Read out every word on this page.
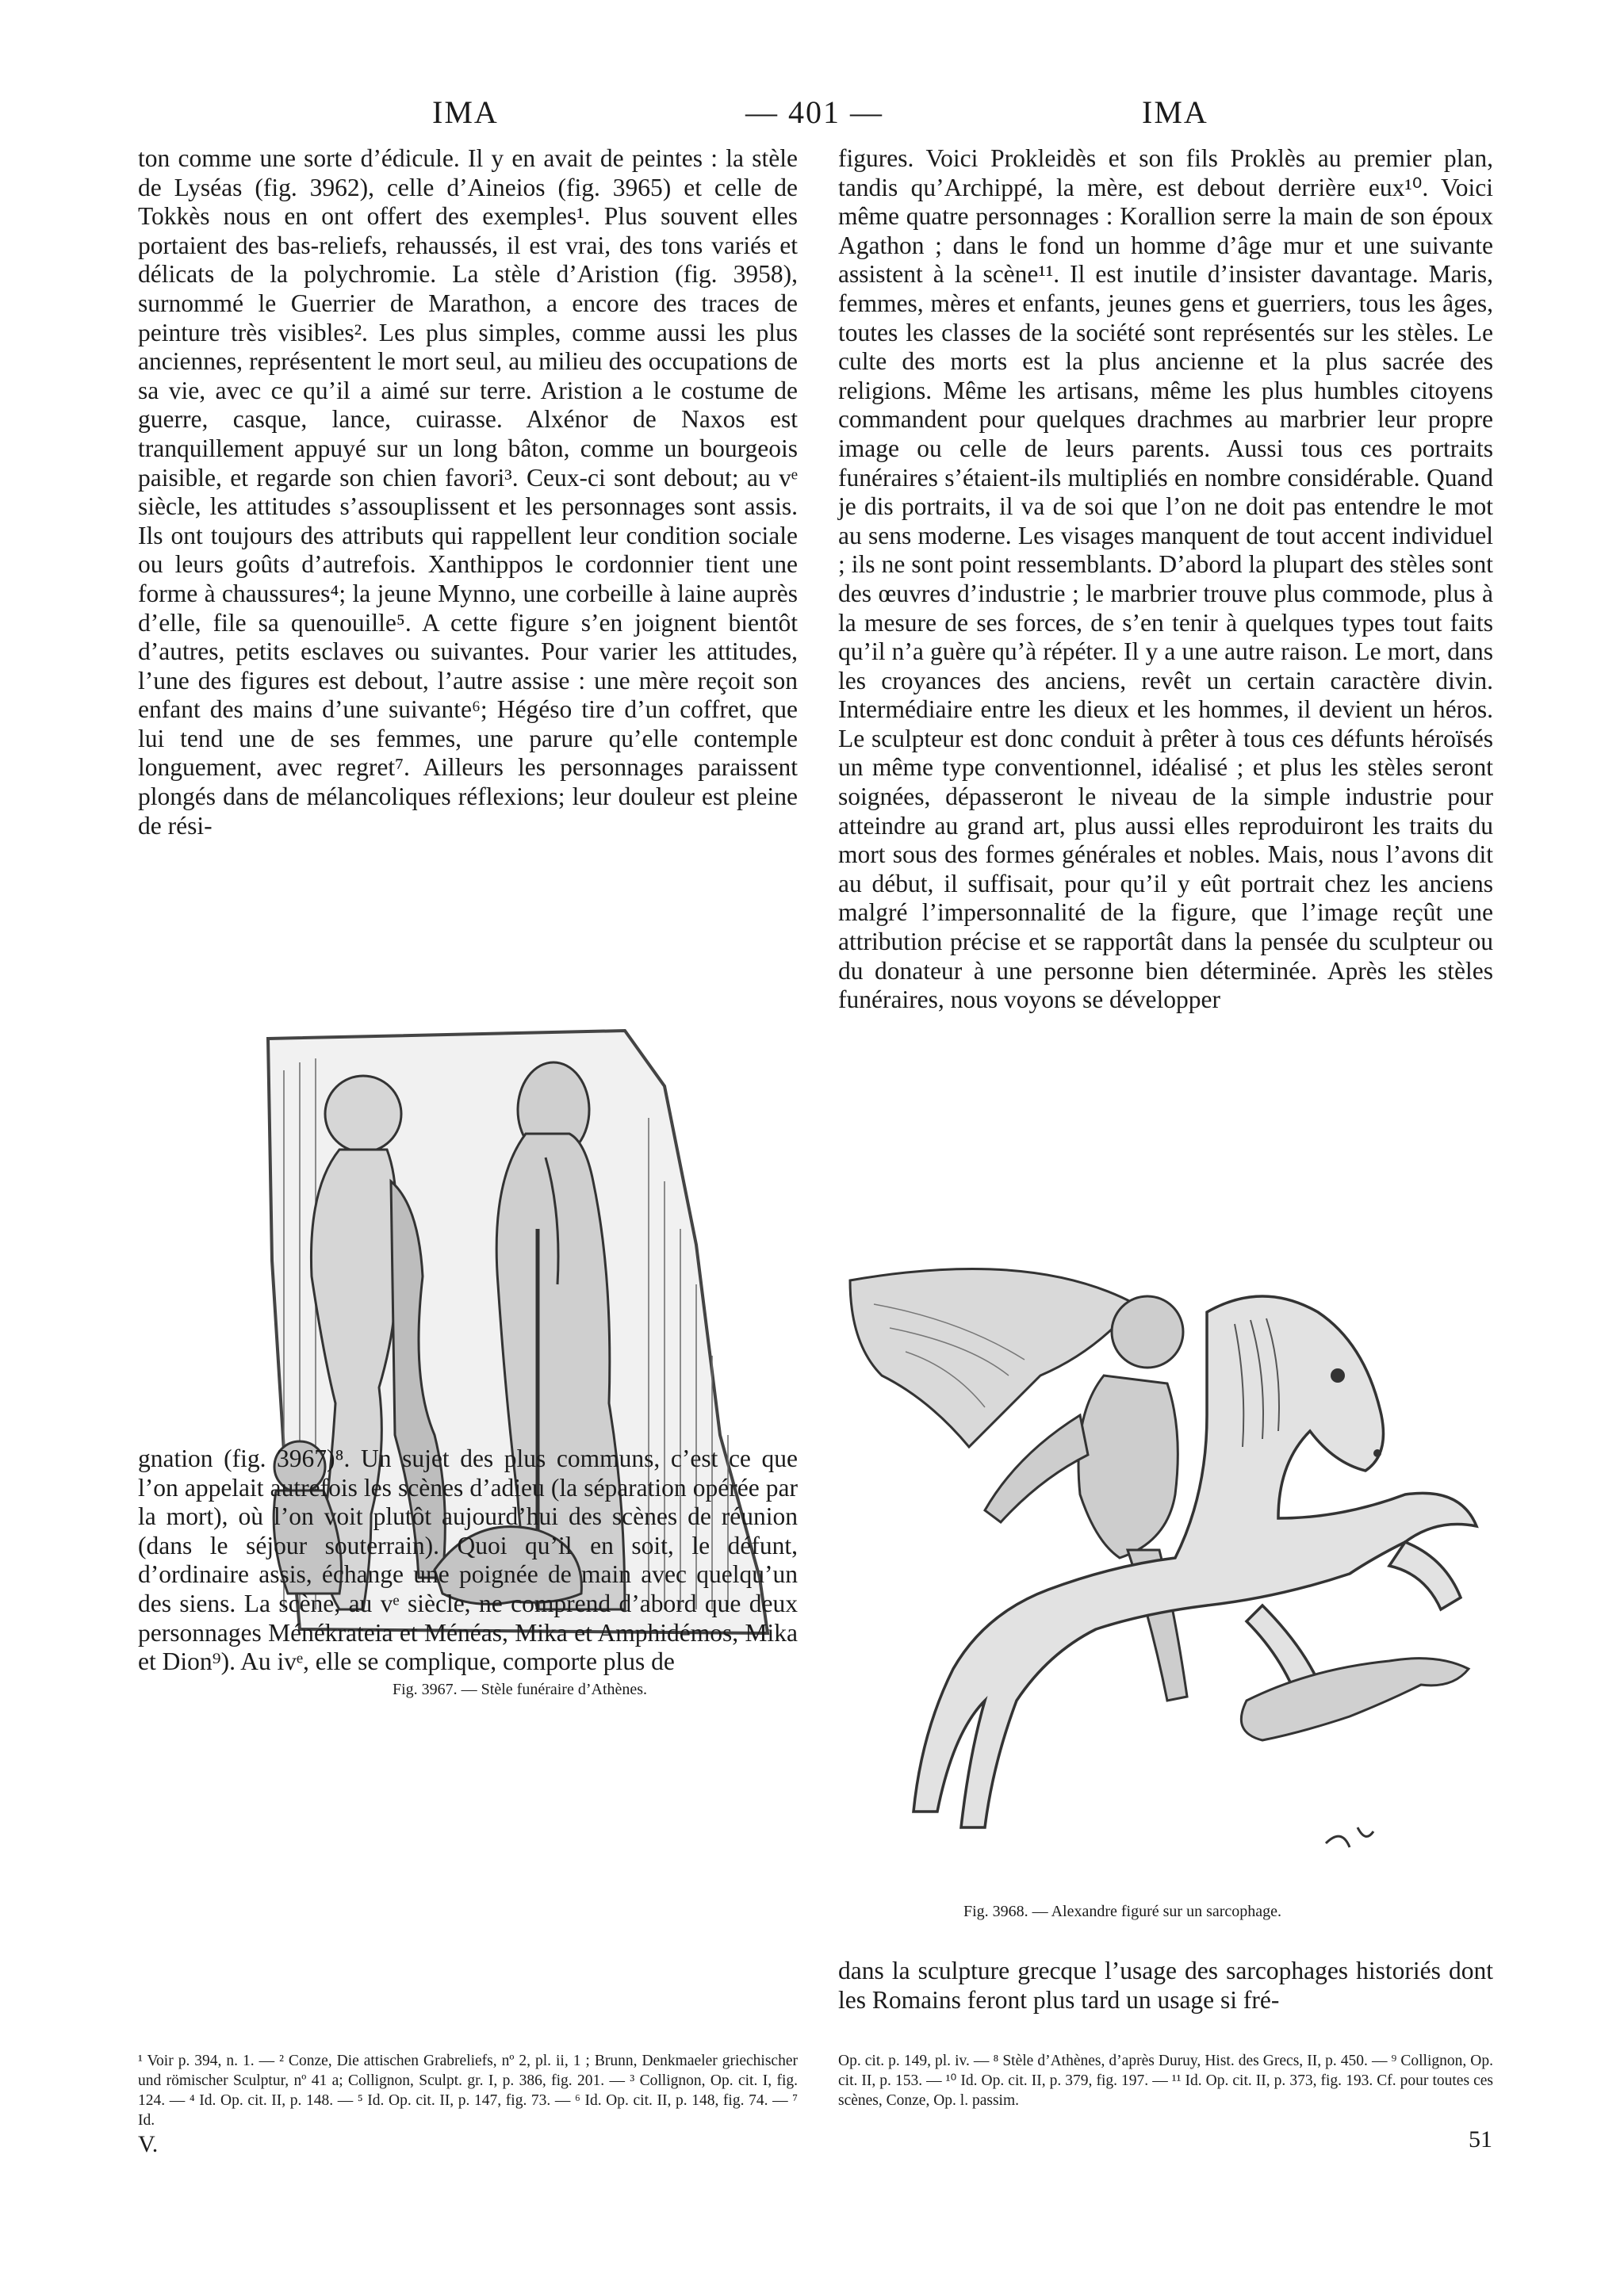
IMA	— 401 —	IMA
ton comme une sorte d’édicule. Il y en avait de peintes : la stèle de Lyséas (fig. 3962), celle d’Aineios (fig. 3965) et celle de Tokkès nous en ont offert des exemples¹. Plus souvent elles portaient des bas-reliefs, rehaussés, il est vrai, des tons variés et délicats de la polychromie. La stèle d’Aristion (fig. 3958), surnommé le Guerrier de Marathon, a encore des traces de peinture très visibles². Les plus simples, comme aussi les plus anciennes, représentent le mort seul, au milieu des occupations de sa vie, avec ce qu’il a aimé sur terre. Aristion a le costume de guerre, casque, lance, cuirasse. Alxénor de Naxos est tranquillement appuyé sur un long bâton, comme un bourgeois paisible, et regarde son chien favori³. Ceux-ci sont debout; au vᵉ siècle, les attitudes s’assouplissent et les personnages sont assis. Ils ont toujours des attributs qui rappellent leur condition sociale ou leurs goûts d’autrefois. Xanthippos le cordonnier tient une forme à chaussures⁴; la jeune Mynno, une corbeille à laine auprès d’elle, file sa quenouille⁵. A cette figure s’en joignent bientôt d’autres, petits esclaves ou suivantes. Pour varier les attitudes, l’une des figures est debout, l’autre assise : une mère reçoit son enfant des mains d’une suivante⁶; Hégéso tire d’un coffret, que lui tend une de ses femmes, une parure qu’elle contemple longuement, avec regret⁷. Ailleurs les personnages paraissent plongés dans de mélancoliques réflexions; leur douleur est pleine de rési-
Fig. 3967. — Stèle funéraire d’Athènes.
gnation (fig. 3967)⁸. Un sujet des plus communs, c’est ce que l’on appelait autrefois les scènes d’adieu (la séparation opérée par la mort), où l’on voit plutôt aujourd’hui des scènes de réunion (dans le séjour souterrain). Quoi qu’il en soit, le défunt, d’ordinaire assis, échange une poignée de main avec quelqu’un des siens. La scène, au vᵉ siècle, ne comprend d’abord que deux personnages Ménékrateia et Ménéas, Mika et Amphidémos, Mika et Dion⁹). Au ivᵉ, elle se complique, comporte plus de
figures. Voici Prokleidès et son fils Proklès au premier plan, tandis qu’Archippé, la mère, est debout derrière eux¹⁰. Voici même quatre personnages : Korallion serre la main de son époux Agathon ; dans le fond un homme d’âge mur et une suivante assistent à la scène¹¹. Il est inutile d’insister davantage. Maris, femmes, mères et enfants, jeunes gens et guerriers, tous les âges, toutes les classes de la société sont représentés sur les stèles. Le culte des morts est la plus ancienne et la plus sacrée des religions. Même les artisans, même les plus humbles citoyens commandent pour quelques drachmes au marbrier leur propre image ou celle de leurs parents. Aussi tous ces portraits funéraires s’étaient-ils multipliés en nombre considérable. Quand je dis portraits, il va de soi que l’on ne doit pas entendre le mot au sens moderne. Les visages manquent de tout accent individuel ; ils ne sont point ressemblants. D’abord la plupart des stèles sont des œuvres d’industrie ; le marbrier trouve plus commode, plus à la mesure de ses forces, de s’en tenir à quelques types tout faits qu’il n’a guère qu’à répéter. Il y a une autre raison. Le mort, dans les croyances des anciens, revêt un certain caractère divin. Intermédiaire entre les dieux et les hommes, il devient un héros. Le sculpteur est donc conduit à prêter à tous ces défunts héroïsés un même type conventionnel, idéalisé ; et plus les stèles seront soignées, dépasseront le niveau de la simple industrie pour atteindre au grand art, plus aussi elles reproduiront les traits du mort sous des formes générales et nobles. Mais, nous l’avons dit au début, il suffisait, pour qu’il y eût portrait chez les anciens malgré l’impersonnalité de la figure, que l’image reçût une attribution précise et se rapportât dans la pensée du sculpteur ou du donateur à une personne bien déterminée. Après les stèles funéraires, nous voyons se développer
Fig. 3968. — Alexandre figuré sur un sarcophage.
dans la sculpture grecque l’usage des sarcophages historiés dont les Romains feront plus tard un usage si fré-
¹ Voir p. 394, n. 1. — ² Conze, Die attischen Grabreliefs, nº 2, pl. ii, 1 ; Brunn, Denkmaeler griechischer und römischer Sculptur, nº 41 a; Collignon, Sculpt. gr. I, p. 386, fig. 201. — ³ Collignon, Op. cit. I, fig. 124. — ⁴ Id. Op. cit. II, p. 148. — ⁵ Id. Op. cit. II, p. 147, fig. 73. — ⁶ Id. Op. cit. II, p. 148, fig. 74. — ⁷ Id.
Op. cit. p. 149, pl. iv. — ⁸ Stèle d’Athènes, d’après Duruy, Hist. des Grecs, II, p. 450. — ⁹ Collignon, Op. cit. II, p. 153. — ¹⁰ Id. Op. cit. II, p. 379, fig. 197. — ¹¹ Id. Op. cit. II, p. 373, fig. 193. Cf. pour toutes ces scènes, Conze, Op. l. passim.
V.	51
